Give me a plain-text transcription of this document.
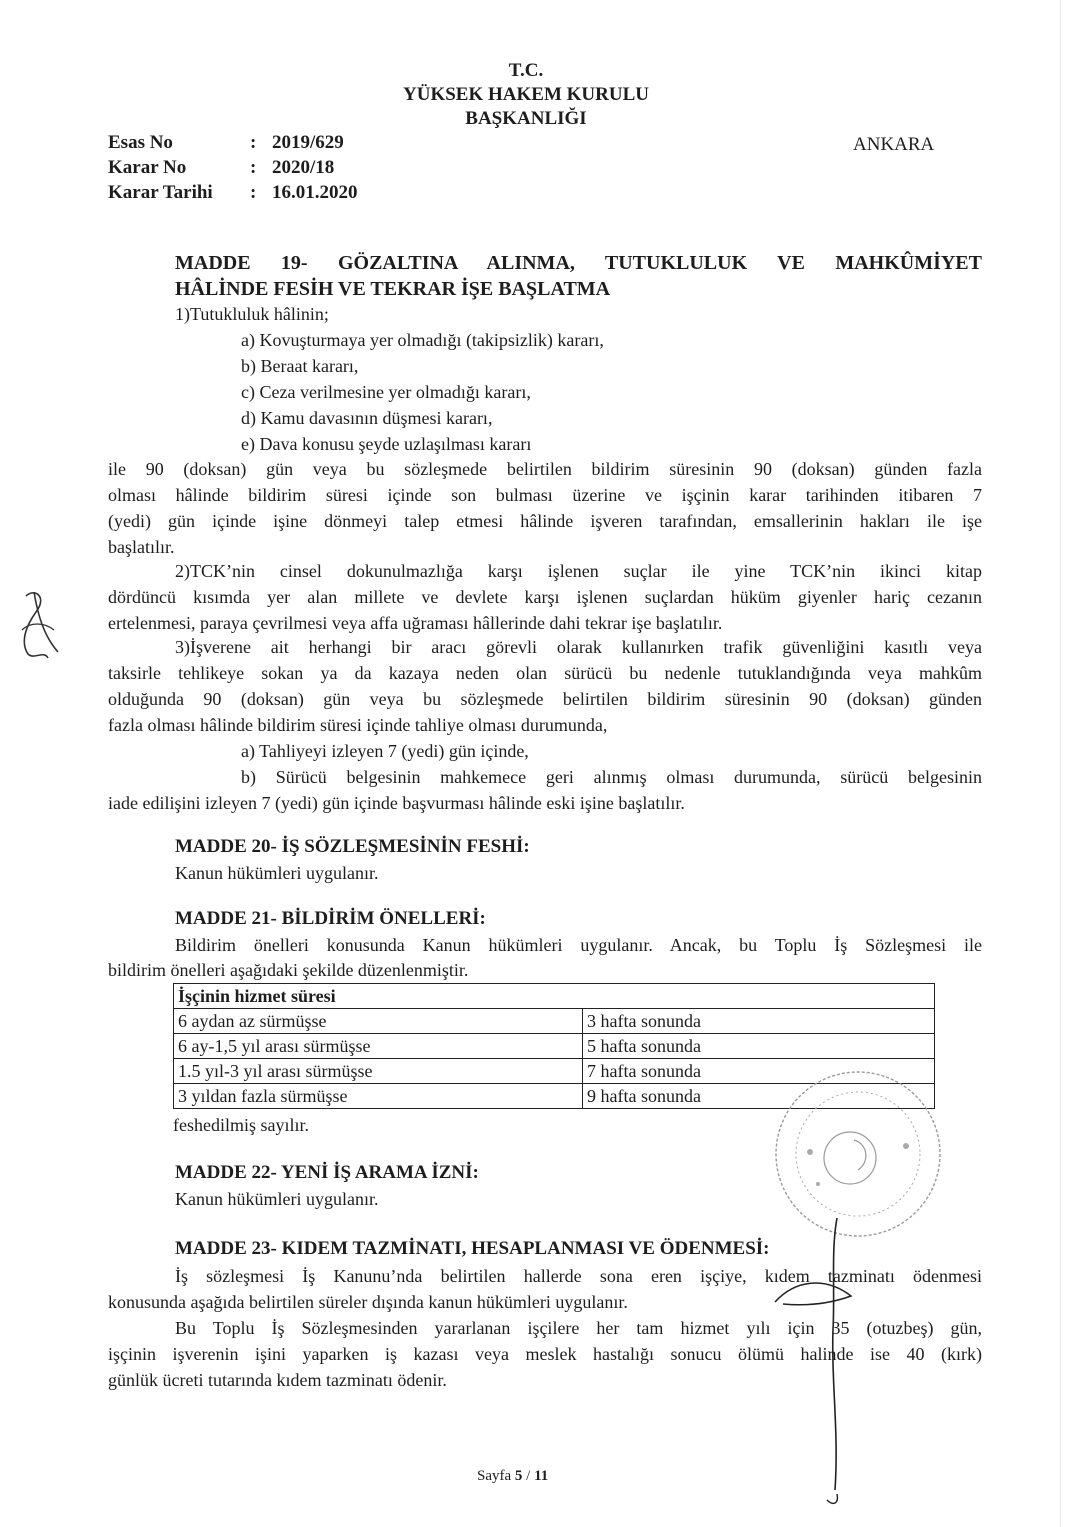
T.C.
YÜKSEK HAKEM KURULU
BAŞKANLIĞI
ANKARA
Esas No	: 2019/629
Karar No	: 2020/18
Karar Tarihi	: 16.01.2020
MADDE 19- GÖZALTINA ALINMA, TUTUKLULUK VE MAHKÛMİYET
HÂLİNDE FESİH VE TEKRAR İŞE BAŞLATMA
1)Tutukluluk hâlinin;
a) Kovuşturmaya yer olmadığı (takipsizlik) kararı,
b) Beraat kararı,
c) Ceza verilmesine yer olmadığı kararı,
d) Kamu davasının düşmesi kararı,
e) Dava konusu şeyde uzlaşılması kararı
ile 90 (doksan) gün veya bu sözleşmede belirtilen bildirim süresinin 90 (doksan) günden fazla
olması hâlinde bildirim süresi içinde son bulması üzerine ve işçinin karar tarihinden itibaren 7
(yedi) gün içinde işine dönmeyi talep etmesi hâlinde işveren tarafından, emsallerinin hakları ile işe
başlatılır.
2)TCK’nin cinsel dokunulmazlığa karşı işlenen suçlar ile yine TCK’nin ikinci kitap
dördüncü kısımda yer alan millete ve devlete karşı işlenen suçlardan hüküm giyenler hariç cezanın
ertelenmesi, paraya çevrilmesi veya affa uğraması hâllerinde dahi tekrar işe başlatılır.
3)İşverene ait herhangi bir aracı görevli olarak kullanırken trafik güvenliğini kasıtlı veya
taksirle tehlikeye sokan ya da kazaya neden olan sürücü bu nedenle tutuklandığında veya mahkûm
olduğunda 90 (doksan) gün veya bu sözleşmede belirtilen bildirim süresinin 90 (doksan) günden
fazla olması hâlinde bildirim süresi içinde tahliye olması durumunda,
a) Tahliyeyi izleyen 7 (yedi) gün içinde,
b) Sürücü belgesinin mahkemece geri alınmış olması durumunda, sürücü belgesinin
iade edilişini izleyen 7 (yedi) gün içinde başvurması hâlinde eski işine başlatılır.
MADDE 20- İŞ SÖZLEŞMESİNİN FESHİ:
Kanun hükümleri uygulanır.
MADDE 21- BİLDİRİM ÖNELLERİ:
Bildirim önelleri konusunda Kanun hükümleri uygulanır. Ancak, bu Toplu İş Sözleşmesi ile
bildirim önelleri aşağıdaki şekilde düzenlenmiştir.
İşçinin hizmet süresi	
6 aydan az sürmüşse	3 hafta sonunda
6 ay-1,5 yıl arası sürmüşse	5 hafta sonunda
1.5 yıl-3 yıl arası sürmüşse	7 hafta sonunda
3 yıldan fazla sürmüşse	9 hafta sonunda
feshedilmiş sayılır.
MADDE 22- YENİ İŞ ARAMA İZNİ:
Kanun hükümleri uygulanır.
MADDE 23- KIDEM TAZMİNATI, HESAPLANMASI VE ÖDENMESİ:
İş sözleşmesi İş Kanunu’nda belirtilen hallerde sona eren işçiye, kıdem tazminatı ödenmesi
konusunda aşağıda belirtilen süreler dışında kanun hükümleri uygulanır.
Bu Toplu İş Sözleşmesinden yararlanan işçilere her tam hizmet yılı için 35 (otuzbeş) gün,
işçinin işverenin işini yaparken iş kazası veya meslek hastalığı sonucu ölümü halinde ise 40 (kırk)
günlük ücreti tutarında kıdem tazminatı ödenir.
Sayfa 5 / 11
